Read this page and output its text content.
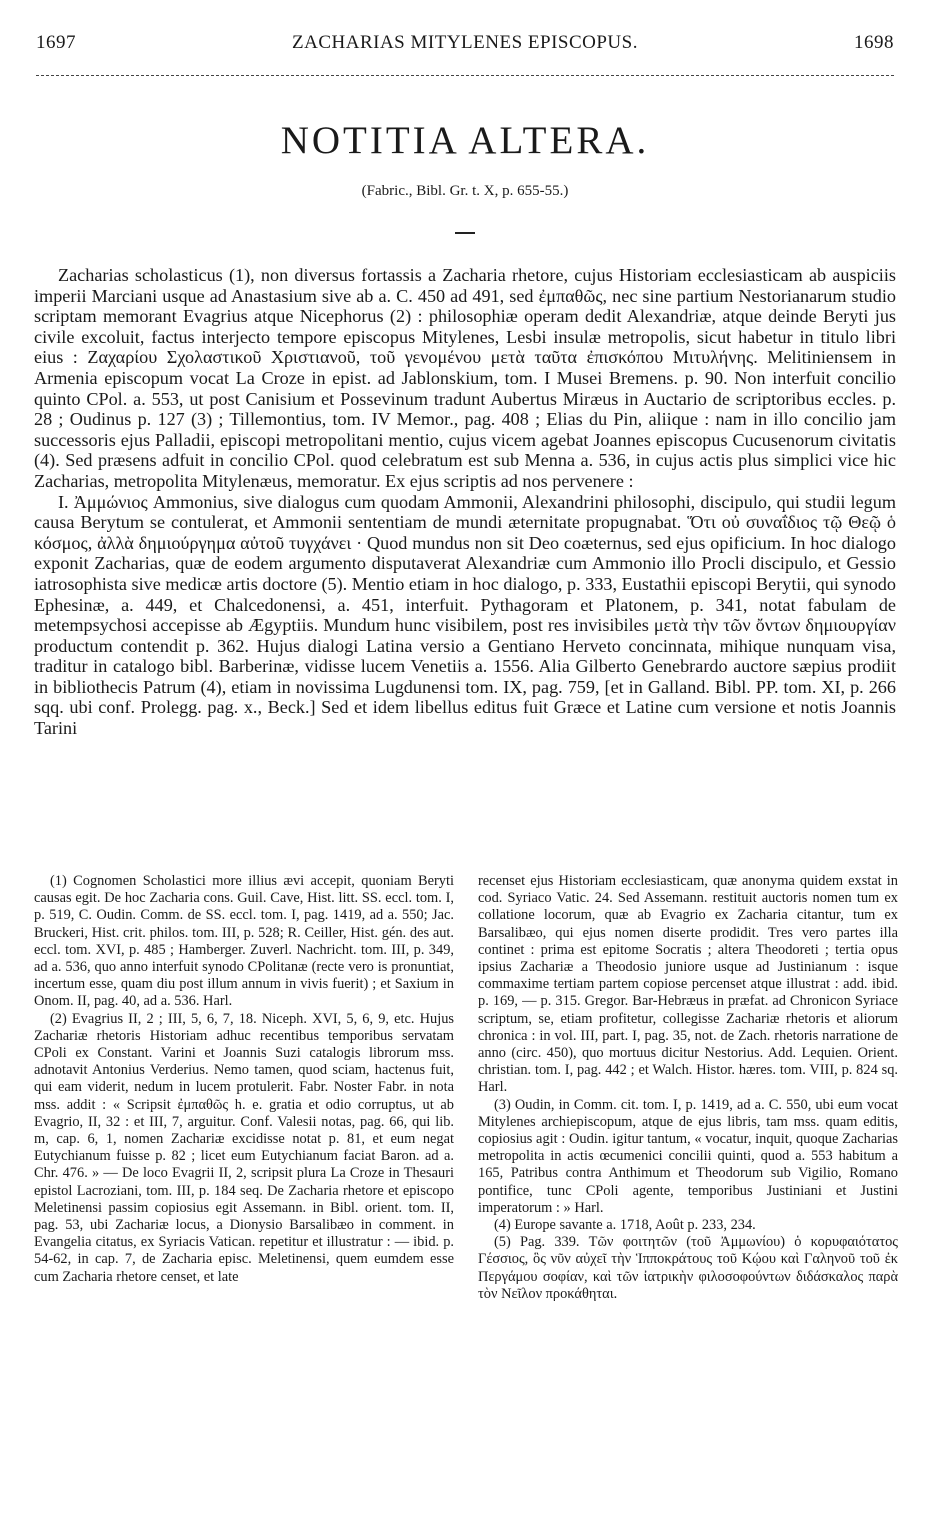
1697	ZACHARIAS MITYLENES EPISCOPUS.	1698
NOTITIA ALTERA.
(Fabric., Bibl. Gr. t. X, p. 655-55.)

Zacharias scholasticus (1), non diversus fortassis a Zacharia rhetore, cujus Historiam ecclesiasticam ab auspiciis imperii Marciani usque ad Anastasium sive ab a. C. 450 ad 491, sed ἐμπαθῶς, nec sine partium Nestorianarum studio scriptam memorant Evagrius atque Nicephorus (2) : philosophiæ operam dedit Alexandriæ, atque deinde Beryti jus civile excoluit, factus interjecto tempore episcopus Mitylenes, Lesbi insulæ metropolis, sicut habetur in titulo libri eius : Ζαχαρίου Σχολαστικοῦ Χριστιανοῦ, τοῦ γενομένου μετὰ ταῦτα ἐπισκόπου Μιτυλήνης. Melitiniensem in Armenia episcopum vocat La Croze in epist. ad Jablonskium, tom. I Musei Bremens. p. 90. Non interfuit concilio quinto CPol. a. 553, ut post Canisium et Possevinum tradunt Aubertus Miræus in Auctario de scriptoribus eccles. p. 28 ; Oudinus p. 127 (3) ; Tillemontius, tom. IV Memor., pag. 408 ; Elias du Pin, aliique : nam in illo concilio jam successoris ejus Palladii, episcopi metropolitani mentio, cujus vicem agebat Joannes episcopus Cucusenorum civitatis (4). Sed præsens adfuit in concilio CPol. quod celebratum est sub Menna a. 536, in cujus actis plus simplici vice hic Zacharias, metropolita Mitylenæus, memoratur. Ex ejus scriptis ad nos pervenere :

I. Ἀμμώνιος Ammonius, sive dialogus cum quodam Ammonii, Alexandrini philosophi, discipulo, qui studii legum causa Berytum se contulerat, et Ammonii sententiam de mundi æternitate propugnabat. Ὅτι οὐ συναΐδιος τῷ Θεῷ ὁ κόσμος, ἀλλὰ δημιούργημα αὐτοῦ τυγχάνει · Quod mundus non sit Deo coæternus, sed ejus opificium. In hoc dialogo exponit Zacharias, quæ de eodem argumento disputaverat Alexandriæ cum Ammonio illo Procli discipulo, et Gessio iatrosophista sive medicæ artis doctore (5). Mentio etiam in hoc dialogo, p. 333, Eustathii episcopi Berytii, qui synodo Ephesinæ, a. 449, et Chalcedonensi, a. 451, interfuit. Pythagoram et Platonem, p. 341, notat fabulam de metempsychosi accepisse ab Ægyptiis. Mundum hunc visibilem, post res invisibiles μετὰ τὴν τῶν ὄντων δημιουργίαν productum contendit p. 362. Hujus dialogi Latina versio a Gentiano Herveto concinnata, mihique nunquam visa, traditur in catalogo bibl. Barberinæ, vidisse lucem Venetiis a. 1556. Alia Gilberto Genebrardo auctore sæpius prodiit in bibliothecis Patrum (4), etiam in novissima Lugdunensi tom. IX, pag. 759, [et in Galland. Bibl. PP. tom. XI, p. 266 sqq. ubi conf. Prolegg. pag. x., Beck.] Sed et idem libellus editus fuit Græce et Latine cum versione et notis Joannis Tarini

(1) Cognomen Scholastici more illius ævi accepit, quoniam Beryti causas egit. De hoc Zacharia cons. Guil. Cave, Hist. litt. SS. eccl. tom. I, p. 519, C. Oudin. Comm. de SS. eccl. tom. I, pag. 1419, ad a. 550; Jac. Bruckeri, Hist. crit. philos. tom. III, p. 528; R. Ceiller, Hist. gén. des aut. eccl. tom. XVI, p. 485 ; Hamberger. Zuverl. Nachricht. tom. III, p. 349, ad a. 536, quo anno interfuit synodo CPolitanæ (recte vero is pronuntiat, incertum esse, quam diu post illum annum in vivis fuerit) ; et Saxium in Onom. II, pag. 40, ad a. 536. Harl.

(2) Evagrius II, 2 ; III, 5, 6, 7, 18. Niceph. XVI, 5, 6, 9, etc. Hujus Zachariæ rhetoris Historiam adhuc recentibus temporibus servatam CPoli ex Constant. Varini et Joannis Suzi catalogis librorum mss. adnotavit Antonius Verderius. Nemo tamen, quod sciam, hactenus fuit, qui eam viderit, nedum in lucem protulerit. Fabr. Noster Fabr. in nota mss. addit : « Scripsit ἐμπαθῶς h. e. gratia et odio corruptus, ut ab Evagrio, II, 32 : et III, 7, arguitur. Conf. Valesii notas, pag. 66, qui lib. m, cap. 6, 1, nomen Zachariæ excidisse notat p. 81, et eum negat Eutychianum fuisse p. 82 ; licet eum Eutychianum faciat Baron. ad a. Chr. 476. » — De loco Evagrii II, 2, scripsit plura La Croze in Thesauri epistol Lacroziani, tom. III, p. 184 seq. De Zacharia rhetore et episcopo Meletinensi passim copiosius egit Assemann. in Bibl. orient. tom. II, pag. 53, ubi Zachariæ locus, a Dionysio Barsalibæo in comment. in Evangelia citatus, ex Syriacis Vatican. repetitur et illustratur : — ibid. p. 54-62, in cap. 7, de Zacharia episc. Meletinensi, quem eumdem esse cum Zacharia rhetore censet, et late

recenset ejus Historiam ecclesiasticam, quæ anonyma quidem exstat in cod. Syriaco Vatic. 24. Sed Assemann. restituit auctoris nomen tum ex collatione locorum, quæ ab Evagrio ex Zacharia citantur, tum ex Barsalibæo, qui ejus nomen diserte prodidit. Tres vero partes illa continet : prima est epitome Socratis ; altera Theodoreti ; tertia opus ipsius Zachariæ a Theodosio juniore usque ad Justinianum : isque commaxime tertiam partem copiose percenset atque illustrat : add. ibid. p. 169, — p. 315. Gregor. Bar-Hebræus in præfat. ad Chronicon Syriace scriptum, se, etiam profitetur, collegisse Zachariæ rhetoris et aliorum chronica : in vol. III, part. I, pag. 35, not. de Zach. rhetoris narratione de anno (circ. 450), quo mortuus dicitur Nestorius. Add. Lequien. Orient. christian. tom. I, pag. 442 ; et Walch. Histor. hæres. tom. VIII, p. 824 sq. Harl.

(3) Oudin, in Comm. cit. tom. I, p. 1419, ad a. C. 550, ubi eum vocat Mitylenes archiepiscopum, atque de ejus libris, tam mss. quam editis, copiosius agit : Oudin. igitur tantum, « vocatur, inquit, quoque Zacharias metropolita in actis œcumenici concilii quinti, quod a. 553 habitum a 165, Patribus contra Anthimum et Theodorum sub Vigilio, Romano pontifice, tunc CPoli agente, temporibus Justiniani et Justini imperatorum : » Harl.

(4) Europe savante a. 1718, Août p. 233, 234.

(5) Pag. 339. Τῶν φοιτητῶν (τοῦ Ἀμμωνίου) ὁ κορυφαιότατος Γέσσιος, ὃς νῦν αὐχεῖ τὴν Ἱπποκράτους τοῦ Κῴου καὶ Γαληνοῦ τοῦ ἐκ Περγάμου σοφίαν, καὶ τῶν ἰατρικὴν φιλοσοφούντων διδάσκαλος παρὰ τὸν Νεῖλον προκάθηται.
